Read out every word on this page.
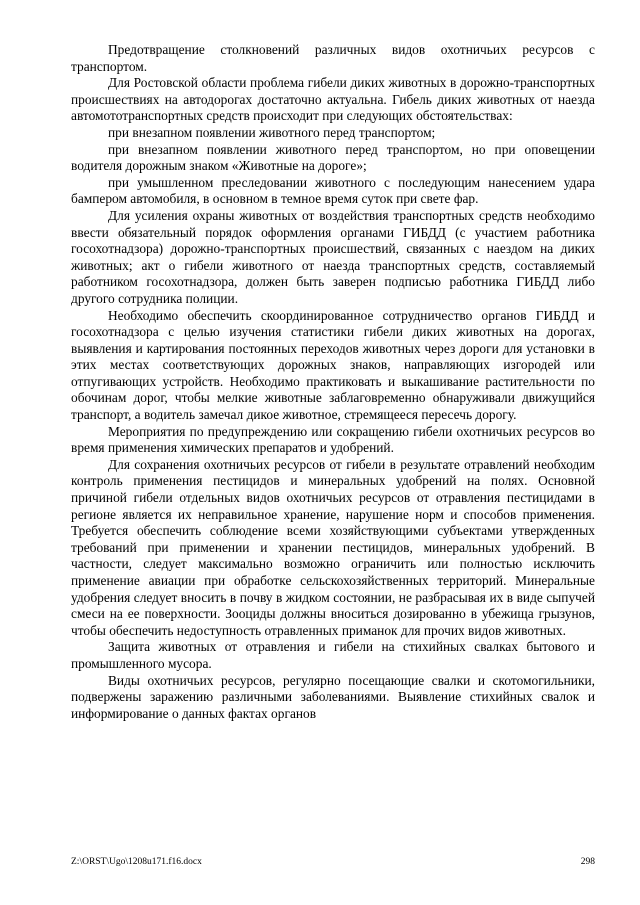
Предотвращение столкновений различных видов охотничьих ресурсов с транспортом.

Для Ростовской области проблема гибели диких животных в дорожно-транспортных происшествиях на автодорогах достаточно актуальна. Гибель диких животных от наезда автомототранспортных средств происходит при следующих обстоятельствах:

при внезапном появлении животного перед транспортом;

при внезапном появлении животного перед транспортом, но при оповещении водителя дорожным знаком «Животные на дороге»;

при умышленном преследовании животного с последующим нанесением удара бампером автомобиля, в основном в темное время суток при свете фар.

Для усиления охраны животных от воздействия транспортных средств необходимо ввести обязательный порядок оформления органами ГИБДД (с участием работника госохотнадзора) дорожно-транспортных происшествий, связанных с наездом на диких животных; акт о гибели животного от наезда транспортных средств, составляемый работником госохотнадзора, должен быть заверен подписью работника ГИБДД либо другого сотрудника полиции.

Необходимо обеспечить скоординированное сотрудничество органов ГИБДД и госохотнадзора с целью изучения статистики гибели диких животных на дорогах, выявления и картирования постоянных переходов животных через дороги для установки в этих местах соответствующих дорожных знаков, направляющих изгородей или отпугивающих устройств. Необходимо практиковать и выкашивание растительности по обочинам дорог, чтобы мелкие животные заблаговременно обнаруживали движущийся транспорт, а водитель замечал дикое животное, стремящееся пересечь дорогу.

Мероприятия по предупреждению или сокращению гибели охотничьих ресурсов во время применения химических препаратов и удобрений.

Для сохранения охотничьих ресурсов от гибели в результате отравлений необходим контроль применения пестицидов и минеральных удобрений на полях. Основной причиной гибели отдельных видов охотничьих ресурсов от отравления пестицидами в регионе является их неправильное хранение, нарушение норм и способов применения. Требуется обеспечить соблюдение всеми хозяйствующими субъектами утвержденных требований при применении и хранении пестицидов, минеральных удобрений. В частности, следует максимально возможно ограничить или полностью исключить применение авиации при обработке сельскохозяйственных территорий. Минеральные удобрения следует вносить в почву в жидком состоянии, не разбрасывая их в виде сыпучей смеси на ее поверхности. Зооциды должны вноситься дозированно в убежища грызунов, чтобы обеспечить недоступность отравленных приманок для прочих видов животных.

Защита животных от отравления и гибели на стихийных свалках бытового и промышленного мусора.

Виды охотничьих ресурсов, регулярно посещающие свалки и скотомогильники, подвержены заражению различными заболеваниями. Выявление стихийных свалок и информирование о данных фактах органов

Z:\ORST\Ugo\1208u171.f16.docx	298
